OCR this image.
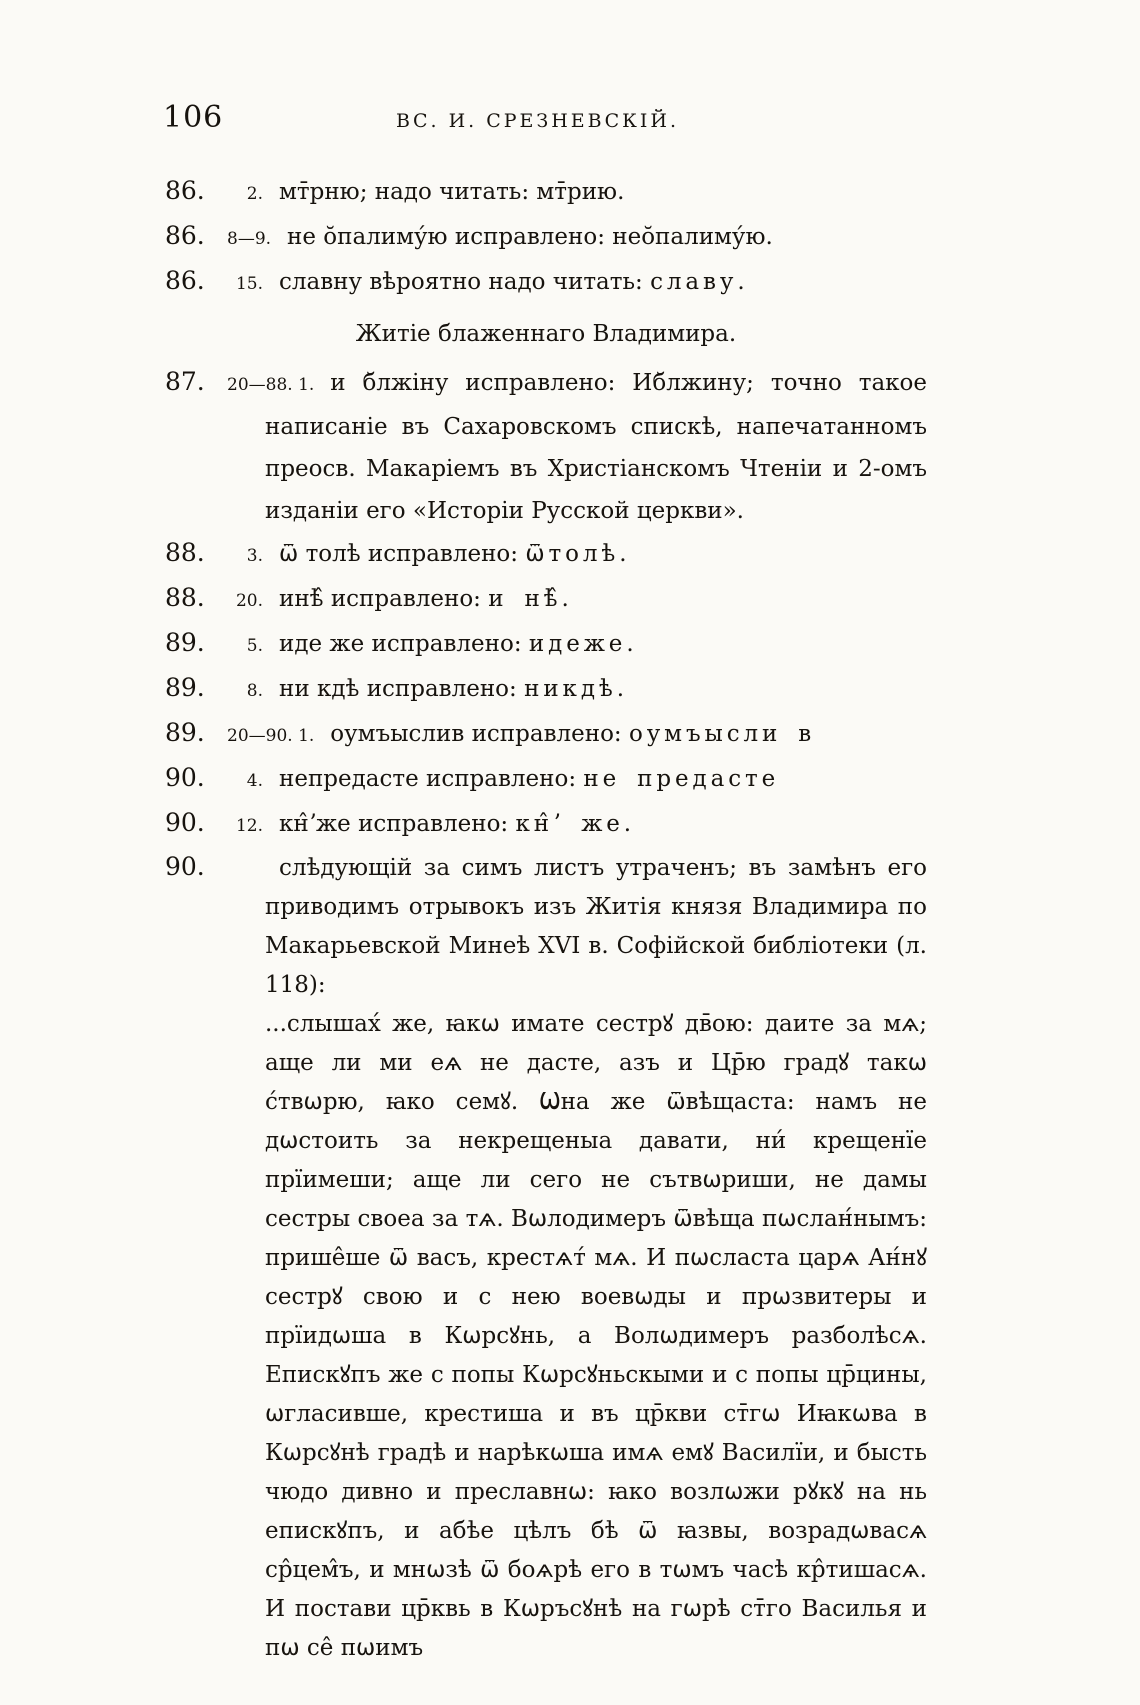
106	ВС. И. СРЕЗНЕВСКІЙ.
86. 2. мт̄рню; надо читать: мт̄рию.
86. 8—9. не о̆палиму́ю исправлено: нео̆палиму́ю.
86. 15. славну вѣроятно надо читать: славу.
Житіе блаженнаго Владимира.
87. 20—88. 1. и б̆лжіну исправлено: Иб̆лжину; точно такое написаніе въ Сахаровскомъ спискѣ, напечатанномъ преосв. Макаріемъ въ Христіанскомъ Чтеніи и 2-омъ изданіи его «Исторіи Русской церкви».
88. 3. ѿ толѣ исправлено: ѿтолѣ.
88. 20. инѣ̂ исправлено: и нѣ̂.
89. 5. иде же исправлено: идеже.
89. 8. ни кдѣ исправлено: никдѣ.
89. 20—90. 1. оумъыслив исправлено: оумъысли в
90. 4. непредасте исправлено: не предасте
90. 12. кн̂ʼже исправлено: кн̂ʼ же.
90.	слѣдующій за симъ листъ утраченъ; въ замѣнъ его приводимъ отрывокъ изъ Житія князя Владимира по Макарьевской Минеѣ XVI в. Софійской библіотеки (л. 118):
...слышах́ же, ꙗкѡ имате сестрꙋ дв̄ою: даите за мѧ; аще ли ми еѧ не дасте, азъ и Цр̄ю градꙋ такѡ с́твѡрю, ꙗко семꙋ. Ѡна же ѿвѣщаста: намъ не дѡстоить за некрещеныа давати, ни́ крещенїе прїимеши; аще ли сего не сътвѡриши, не дамы сестры своеа за тѧ. Вѡлодимеръ ѿвѣща пѡслан́нымъ: прише̂ше ѿ васъ, крестѧт́ мѧ. И пѡсласта царѧ Ан́нꙋ сестрꙋ свою и с нею воевѡды и прѡзвитеры и прїидѡша в Кѡрсꙋнь, а Волѡдимеръ разболѣсѧ. Епискꙋпъ же с попы Кѡрсꙋньскыми и с попы цр̄цины, ѡгласивше, крестиша и въ цр̄кви ст̄гѡ Иꙗкѡва в Кѡрсꙋнѣ градѣ и нарѣкѡша имѧ емꙋ Василїи, и бысть чюдо дивно и преславнѡ: ꙗко возлѡжи рꙋкꙋ на нь епискꙋпъ, и абѣе цѣлъ бѣ ѿ ꙗзвы, возрадѡвасѧ ср̂цем̂ъ, и мнѡзѣ ѿ боѧрѣ его в тѡмъ часѣ кр̂тишасѧ. И постави цр̄квь в Кѡръсꙋнѣ на гѡрѣ ст̄го Василья и пѡ се̂ пѡимъ
